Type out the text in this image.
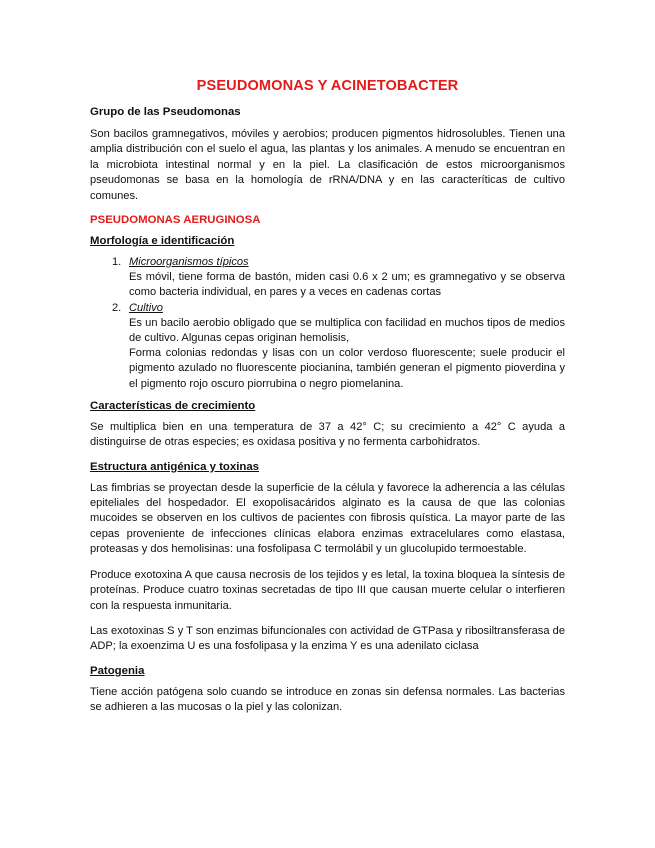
PSEUDOMONAS Y ACINETOBACTER
Grupo de las Pseudomonas

Son bacilos gramnegativos, móviles y aerobios; producen pigmentos hidrosolubles. Tienen una amplia distribución con el suelo el agua, las plantas y los animales. A menudo se encuentran en la microbiota intestinal normal y en la piel. La clasificación de estos microorganismos pseudomonas se basa en la homología de rRNA/DNA y en las caracteríticas de cultivo comunes.

PSEUDOMONAS AERUGINOSA
Morfología e identificación
1. Microorganismos típicos
Es móvil, tiene forma de bastón, miden casi 0.6 x 2 um; es gramnegativo y se observa como bacteria individual, en pares y a veces en cadenas cortas
2. Cultivo
Es un bacilo aerobio obligado que se multiplica con facilidad en muchos tipos de medios de cultivo. Algunas cepas originan hemolisis,
Forma colonias redondas y lisas con un color verdoso fluorescente; suele producir el pigmento azulado no fluorescente piocianina, también generan el pigmento pioverdina y el pigmento rojo oscuro piorrubina o negro piomelanina.
Características de crecimiento

Se multiplica bien en una temperatura de 37 a 42° C; su crecimiento a 42° C ayuda a distinguirse de otras especies; es oxidasa positiva y no fermenta carbohidratos.

Estructura antigénica y toxinas

Las fimbrias se proyectan desde la superficie de la célula y favorece la adherencia a las células epiteliales del hospedador. El exopolisacáridos alginato es la causa de que las colonias mucoides se observen en los cultivos de pacientes con fibrosis quística. La mayor parte de las cepas proveniente de infecciones clínicas elabora enzimas extracelulares como elastasa, proteasas y dos hemolisinas: una fosfolipasa C termolábil y un glucolupido termoestable.

Produce exotoxina A que causa necrosis de los tejidos y es letal, la toxina bloquea la síntesis de proteínas. Produce cuatro toxinas secretadas de tipo III que causan muerte celular o interfieren con la respuesta inmunitaria.

Las exotoxinas S y T son enzimas bifuncionales con actividad de GTPasa y ribosiltransferasa de ADP; la exoenzima U es una fosfolipasa y la enzima Y es una adenilato ciclasa

Patogenia

Tiene acción patógena solo cuando se introduce en zonas sin defensa normales. Las bacterias se adhieren a las mucosas o la piel y las colonizan.
